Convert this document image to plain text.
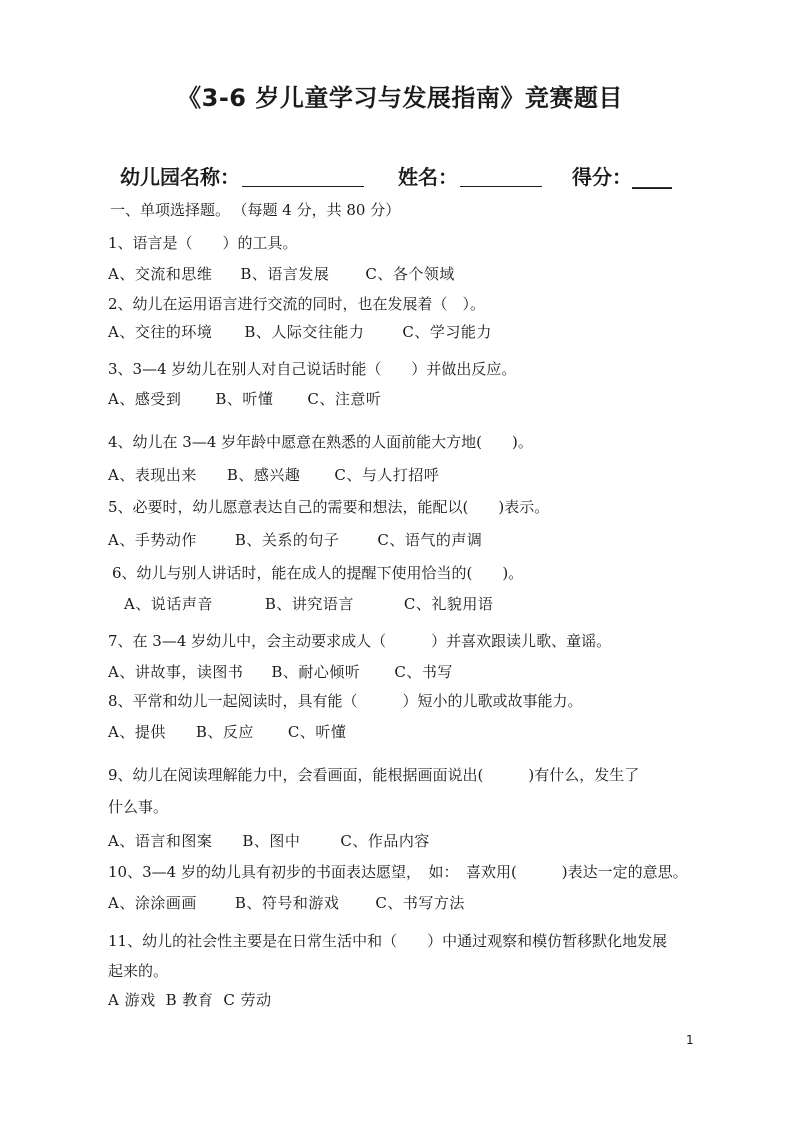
《3-6 岁儿童学习与发展指南》竞赛题目
幼儿园名称：	姓名：	得分：____
一、单项选择题。 （每题 4 分，共 80 分）
1、语言是（　　）的工具。
A、交流和思维 B、语言发展 C、各个领域
2、幼儿在运用语言进行交流的同时，也在发展着（　）。
A、交往的环境 B、人际交往能力	C、学习能力
3、3—4 岁幼儿在别人对自己说话时能（　　）并做出反应。
A、感受到 B、听懂 C、注意听
4、幼儿在 3—4 岁年龄中愿意在熟悉的人面前能大方地(　　)。
A、表现出来 B、感兴趣 C、与人打招呼
5、必要时，幼儿愿意表达自己的需要和想法，能配以(　　)表示。
A、手势动作	B、关系的句子	C、语气的声调
6、幼儿与别人讲话时，能在成人的提醒下使用恰当的(　　)。
A、说话声音	B、讲究语言	C、礼貌用语
7、在 3—4 岁幼儿中，会主动要求成人（　　　）并喜欢跟读儿歌、童谣。
A、讲故事，读图书 B、耐心倾听 C、书写
8、平常和幼儿一起阅读时，具有能（　　　）短小的儿歌或故事能力。
A、提供 B、反应 C、听懂
9、幼儿在阅读理解能力中，会看画面，能根据画面说出(　　　)有什么，发生了
什么事。
A、语言和图案 B、图中	C、作品内容
10、3—4 岁的幼儿具有初步的书面表达愿望，　如：　喜欢用(　　　)表达一定的意思。
A、涂涂画画	B、符号和游戏 C、书写方法
11、幼儿的社会性主要是在日常生活中和（　　）中通过观察和模仿暂移默化地发展
起来的。
A 游戏 B 教育 C 劳动
1
